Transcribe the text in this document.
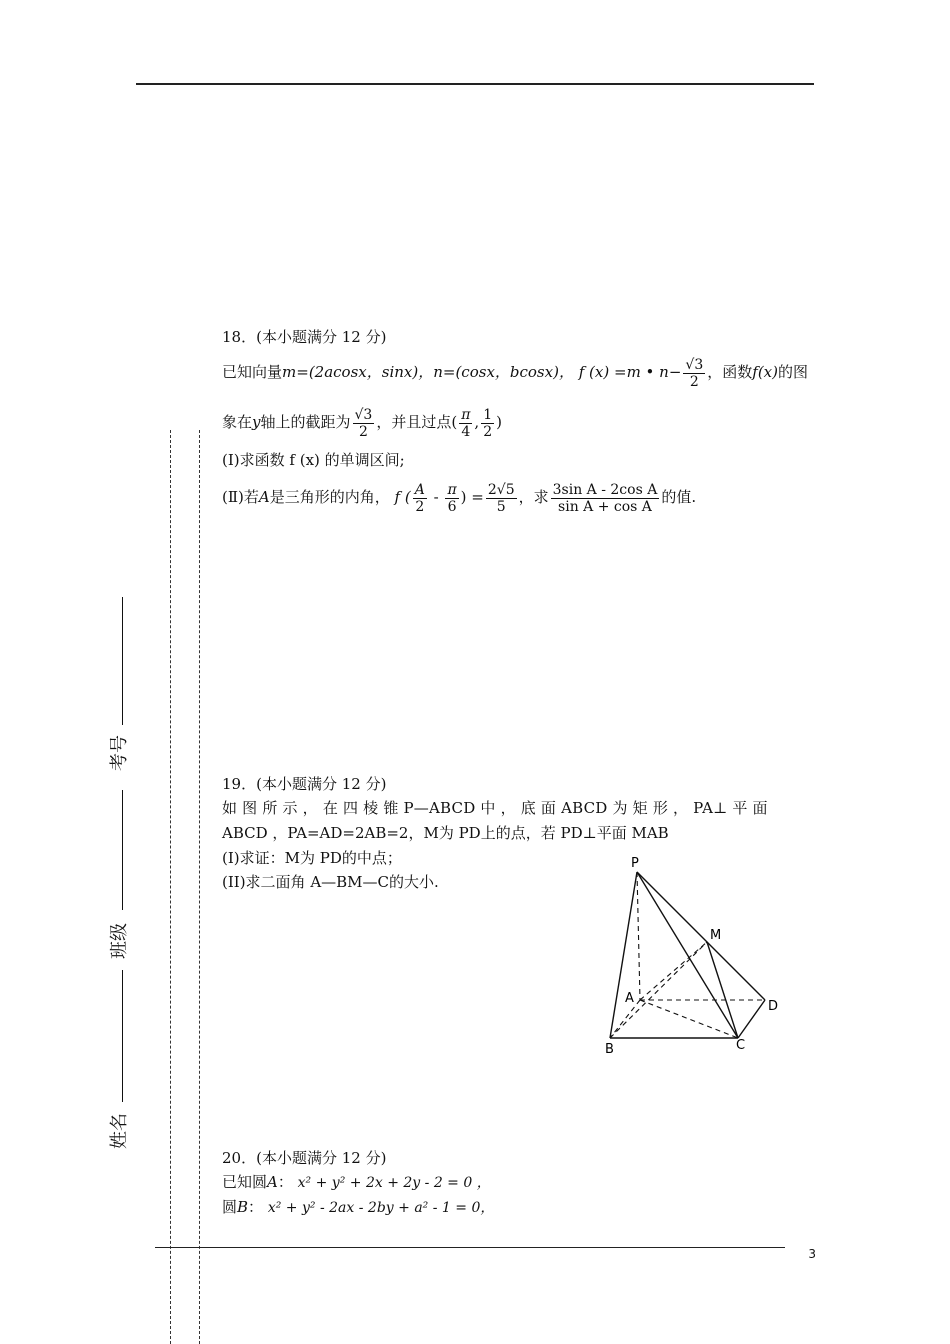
考号
班级
姓名
18．(本小题满分 12 分)
已知向量m=(2acosx，sinx)，n=(cosx，bcosx)， f (x) =m • $n- \frac{√3}{2}$ ，函数f(x)的图
象在y轴上的截距为 $\frac{√3}{2}$ ，并且过点( $\frac{\pi}{4}$ , $\frac{1}{2}$ )
(Ⅰ)求函数 f (x) 的单调区间;
(Ⅱ)若A是三角形的内角， f ( $\frac{A}{2} - \frac{\pi}{6}$ ) = $\frac{2√5}{5}$ ，求 $\frac{\text{3sin A - 2cos A}}{\text{sin A + cos A}}$ 的值.
19．(本小题满分 12 分)
如 图 所 示 ， 在 四 棱 锥 P—ABCD 中 ， 底 面 ABCD 为 矩 形 ， PA⊥ 平 面
ABCD ，PA=AD=2AB=2，M为 PD上的点，若 PD⊥平面 MAB
(I)求证：M为 PD的中点；
(II)求二面角 A—BM—C的大小.
P
M
A
D
B	C
20．(本小题满分 12 分)
已知圆A： x² + y² + 2x + 2y - 2 = 0 ，
圆B： x² + y² - 2ax - 2by + a² - 1 = 0，
3
